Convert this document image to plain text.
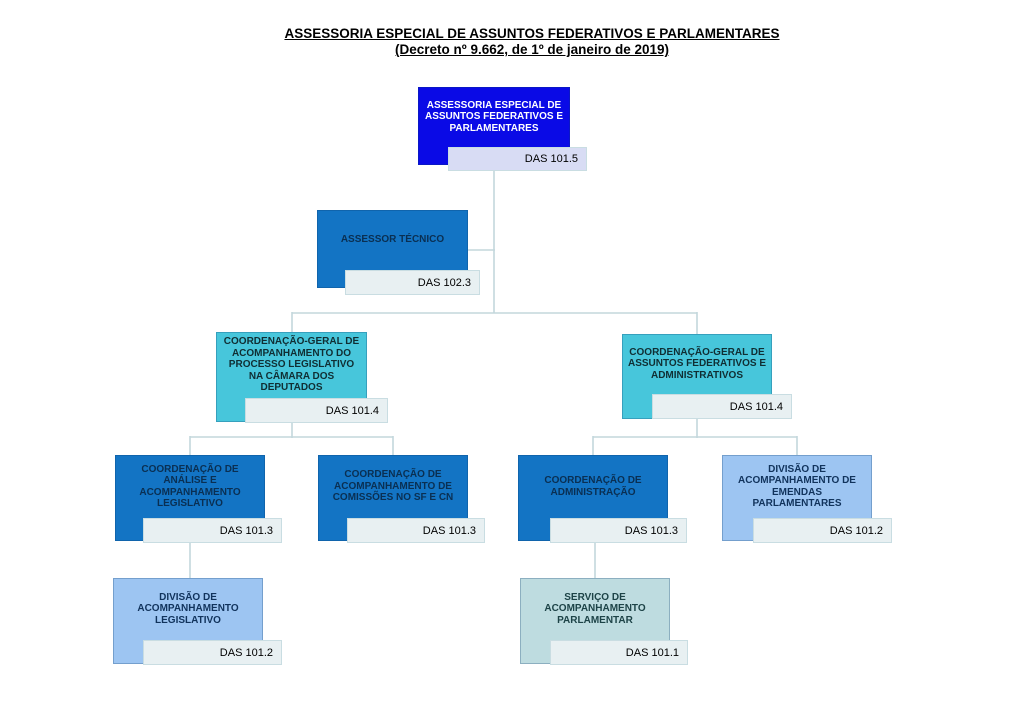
ASSESSORIA ESPECIAL DE ASSUNTOS FEDERATIVOS E PARLAMENTARES
(Decreto nº 9.662, de 1º de janeiro de 2019)
ASSESSORIA ESPECIAL DE ASSUNTOS FEDERATIVOS E PARLAMENTARES
DAS 101.5
ASSESSOR TÉCNICO
DAS 102.3
COORDENAÇÃO-GERAL DE ACOMPANHAMENTO DO PROCESSO LEGISLATIVO NA CÂMARA DOS DEPUTADOS
DAS 101.4
COORDENAÇÃO-GERAL DE ASSUNTOS FEDERATIVOS E ADMINISTRATIVOS
DAS 101.4
COORDENAÇÃO DE ANÁLISE E ACOMPANHAMENTO LEGISLATIVO
DAS 101.3
COORDENAÇÃO DE ACOMPANHAMENTO DE COMISSÕES NO SF E CN
DAS 101.3
COORDENAÇÃO DE ADMINISTRAÇÃO
DAS 101.3
DIVISÃO DE ACOMPANHAMENTO DE EMENDAS PARLAMENTARES
DAS 101.2
DIVISÃO DE ACOMPANHAMENTO LEGISLATIVO
DAS 101.2
SERVIÇO DE ACOMPANHAMENTO PARLAMENTAR
DAS 101.1
